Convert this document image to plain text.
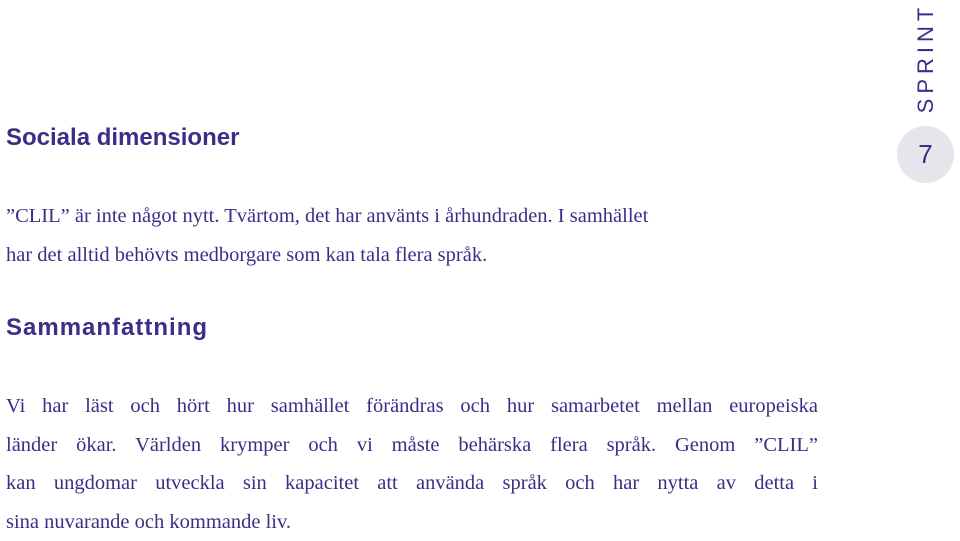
SPRINT
7
Sociala dimensioner

”CLIL” är inte något nytt. Tvärtom, det har använts i århundraden. I samhället
har det alltid behövts medborgare som kan tala flera språk.

Sammanfattning

Vi har läst och hört hur samhället förändras och hur samarbetet mellan europeiska
länder ökar. Världen krymper och vi måste behärska flera språk. Genom ”CLIL”
kan ungdomar utveckla sin kapacitet att använda språk och har nytta av detta i
sina nuvarande och kommande liv.
